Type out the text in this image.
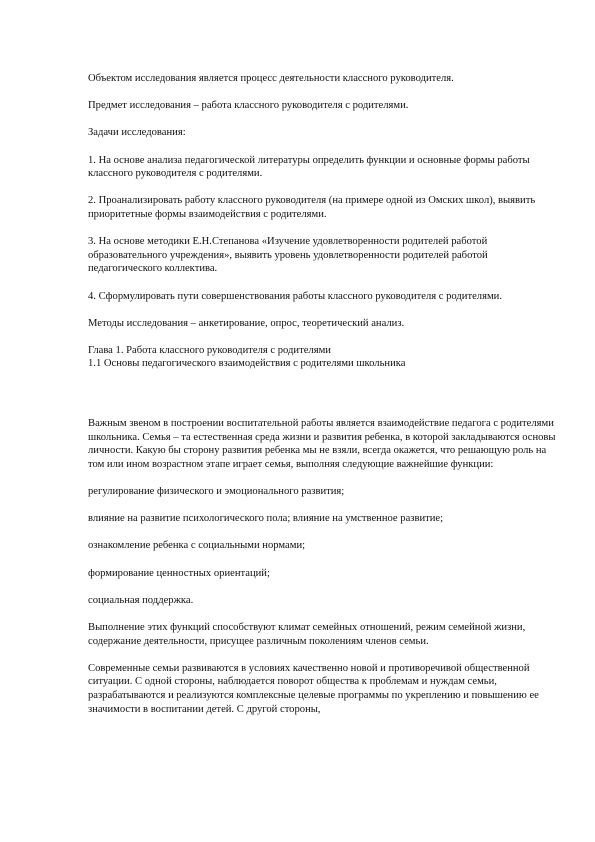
Объектом исследования является процесс деятельности классного руководителя.

Предмет исследования – работа классного руководителя с родителями.

Задачи исследования:

1. На основе анализа педагогической литературы определить функции и основные формы работы классного руководителя с родителями.

2. Проанализировать работу классного руководителя (на примере одной из Омских школ), выявить приоритетные формы взаимодействия с родителями.

3. На основе методики Е.Н.Степанова «Изучение удовлетворенности родителей работой образовательного учреждения», выявить уровень удовлетворенности родителей работой педагогического коллектива.

4. Сформулировать пути совершенствования работы классного руководителя с родителями.

Методы исследования – анкетирование, опрос, теоретический анализ.

Глава 1. Работа классного руководителя с родителями

1.1 Основы педагогического взаимодействия с родителями школьника

Важным звеном в построении воспитательной работы является взаимодействие педагога с родителями школьника. Семья – та естественная среда жизни и развития ребенка, в которой закладываются основы личности. Какую бы сторону развития ребенка мы не взяли, всегда окажется, что решающую роль на том или ином возрастном этапе играет семья, выполняя следующие важнейшие функции:

регулирование физического и эмоционального развития;

влияние на развитие психологического пола; влияние на умственное развитие;

ознакомление ребенка с социальными нормами;

формирование ценностных ориентаций;

социальная поддержка.

Выполнение этих функций способствуют климат семейных отношений, режим семейной жизни, содержание деятельности, присущее различным поколениям членов семьи.

Современные семьи развиваются в условиях качественно новой и противоречивой общественной ситуации. С одной стороны, наблюдается поворот общества к проблемам и нуждам семьи, разрабатываются и реализуются комплексные целевые программы по укреплению и повышению ее значимости в воспитании детей. С другой стороны,
